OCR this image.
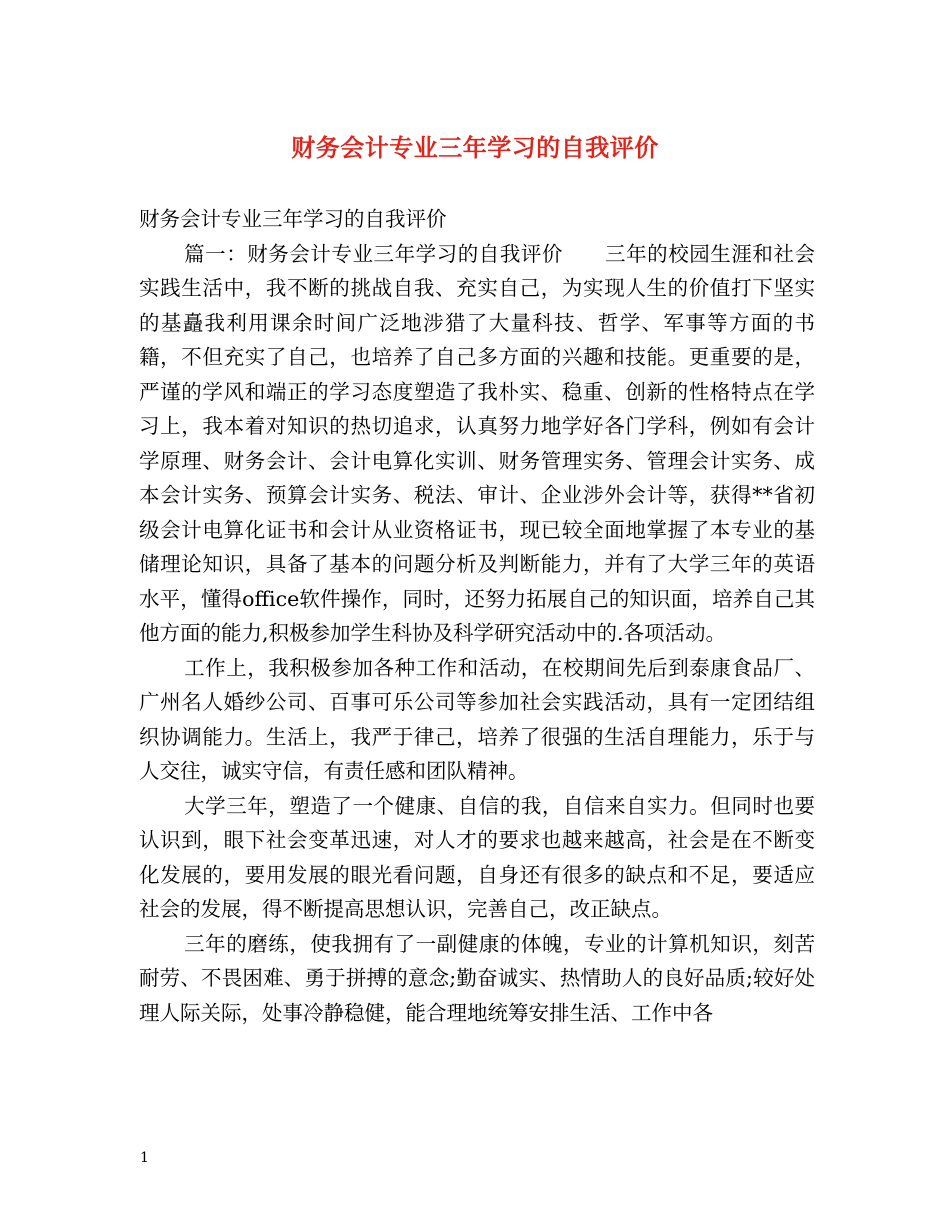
财务会计专业三年学习的自我评价

财务会计专业三年学习的自我评价

篇一：财务会计专业三年学习的自我评价　　三年的校园生涯和社会实践生活中，我不断的挑战自我、充实自己，为实现人生的价值打下坚实的基矗我利用课余时间广泛地涉猎了大量科技、哲学、军事等方面的书籍，不但充实了自己，也培养了自己多方面的兴趣和技能。更重要的是，严谨的学风和端正的学习态度塑造了我朴实、稳重、创新的性格特点在学习上，我本着对知识的热切追求，认真努力地学好各门学科，例如有会计学原理、财务会计、会计电算化实训、财务管理实务、管理会计实务、成本会计实务、预算会计实务、税法、审计、企业涉外会计等，获得**省初级会计电算化证书和会计从业资格证书，现已较全面地掌握了本专业的基储理论知识，具备了基本的问题分析及判断能力，并有了大学三年的英语水平，懂得office软件操作，同时，还努力拓展自己的知识面，培养自己其他方面的能力,积极参加学生科协及科学研究活动中的.各项活动。

工作上，我积极参加各种工作和活动，在校期间先后到泰康食品厂、广州名人婚纱公司、百事可乐公司等参加社会实践活动，具有一定团结组织协调能力。生活上，我严于律己，培养了很强的生活自理能力，乐于与人交往，诚实守信，有责任感和团队精神。

大学三年，塑造了一个健康、自信的我，自信来自实力。但同时也要认识到，眼下社会变革迅速，对人才的要求也越来越高，社会是在不断变化发展的，要用发展的眼光看问题，自身还有很多的缺点和不足，要适应社会的发展，得不断提高思想认识，完善自己，改正缺点。

三年的磨练，使我拥有了一副健康的体魄，专业的计算机知识，刻苦耐劳、不畏困难、勇于拼搏的意念;勤奋诚实、热情助人的良好品质;较好处理人际关际，处事冷静稳健，能合理地统筹安排生活、工作中各

1
